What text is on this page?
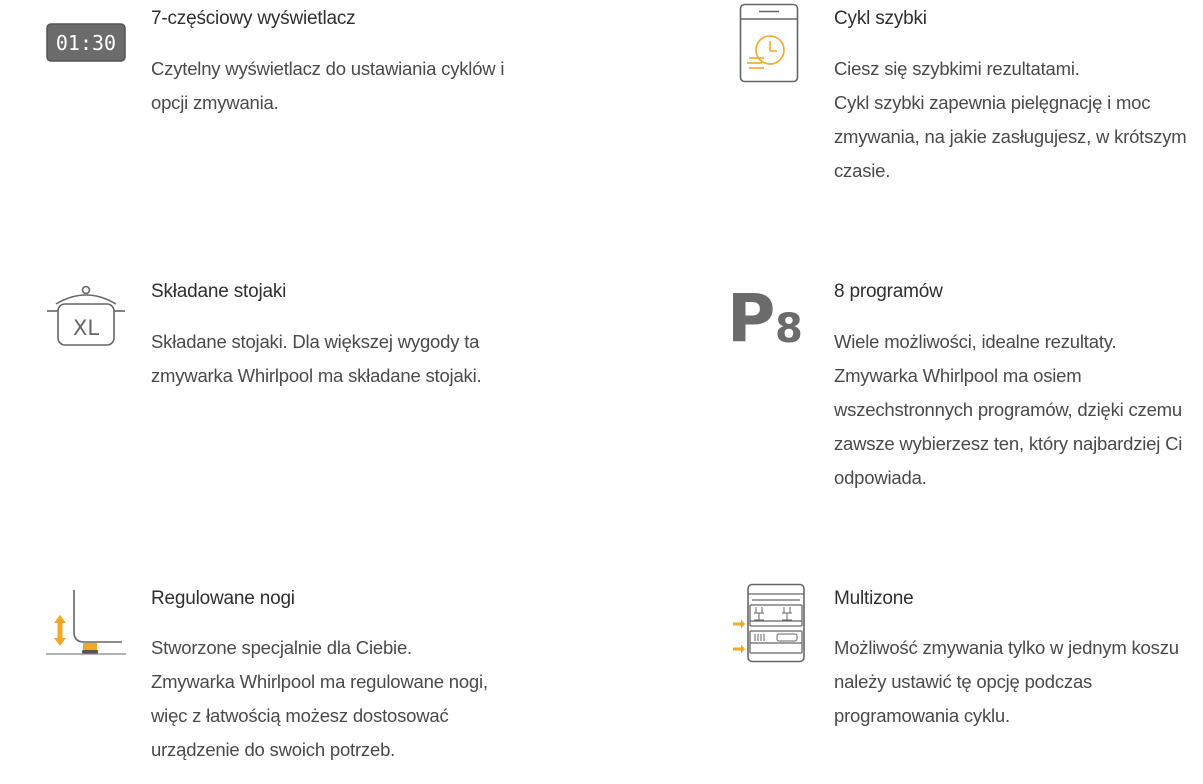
01:30
7-częściowy wyświetlacz
Czytelny wyświetlacz do ustawiania cyklów i
opcji zmywania.
Cykl szybki
Ciesz się szybkimi rezultatami.
Cykl szybki zapewnia pielęgnację i moc
zmywania, na jakie zasługujesz, w krótszym
czasie.
XL
Składane stojaki
Składane stojaki. Dla większej wygody ta
zmywarka Whirlpool ma składane stojaki.
P 8
8 programów
Wiele możliwości, idealne rezultaty.
Zmywarka Whirlpool ma osiem
wszechstronnych programów, dzięki czemu
zawsze wybierzesz ten, który najbardziej Ci
odpowiada.
Regulowane nogi
Stworzone specjalnie dla Ciebie.
Zmywarka Whirlpool ma regulowane nogi,
więc z łatwością możesz dostosować
urządzenie do swoich potrzeb.
Multizone
Możliwość zmywania tylko w jednym koszu
należy ustawić tę opcję podczas
programowania cyklu.
